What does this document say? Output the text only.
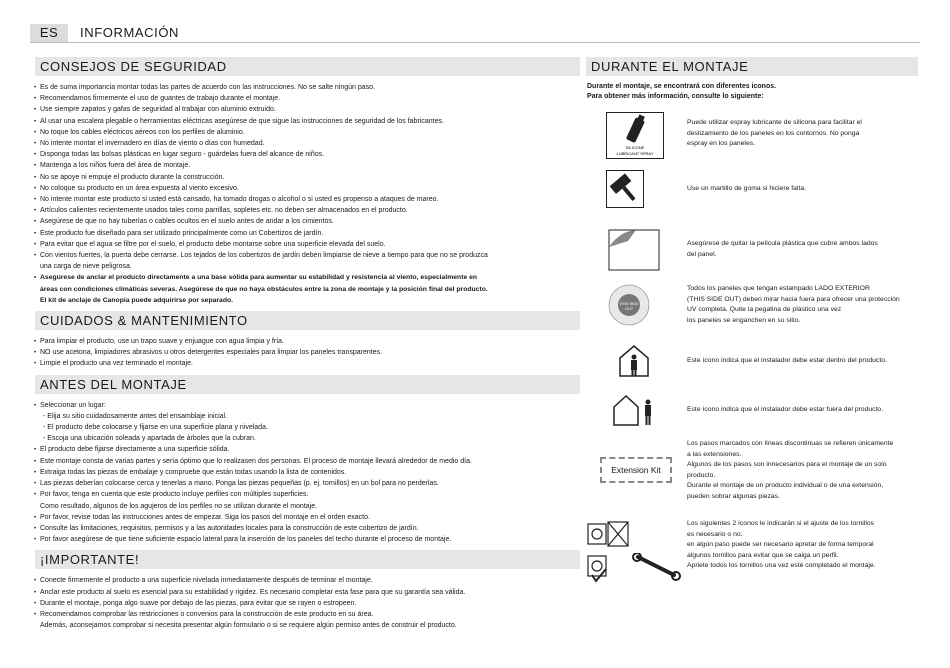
ES	INFORMACIÓN
CONSEJOS DE SEGURIDAD
• Es de suma importancia montar todas las partes de acuerdo con las instrucciones. No se salte ningún paso.
• Recomendamos firmemente el uso de guantes de trabajo durante el montaje.
• Use siempre zapatos y gafas de seguridad al trabajar con aluminio extruido.
• Al usar una escalera plegable o herramientas eléctricas asegúrese de que sigue las instrucciones de seguridad de los fabricantes.
• No toque los cables eléctricos aéreos con los perfiles de aluminio.
• No intente montar el invernadero en días de viento o días con humedad.
• Disponga todas las bolsas plásticas en lugar seguro - guárdelas fuera del alcance de niños.
• Mantenga a los niños fuera del área de montaje.
• No se apoye ni empuje el producto durante la construcción.
• No coloque su producto en un área expuesta al viento excesivo.
• No intente montar este producto si usted está cansado, ha tomado drogas o alcohol o si usted es propenso a ataques de mareo.
• Artículos calientes recientemente usados tales como parrillas, sopletes etc. no deben ser almacenados en el producto.
• Asegúrese de que no hay tuberías o cables ocultos en el suelo antes de andar a los cimientos.
• Este producto fue diseñado para ser utilizado principalmente como un Cobertizos de jardín.
• Para evitar que el agua se filtre por el suelo, el producto debe montarse sobre una superficie elevada del suelo.
• Con vientos fuertes, la puerta debe cerrarse. Los tejados de los cobertizos de jardín deben limpiarse de nieve a tiempo para que no se produzca
una carga de nieve peligrosa.
• Asegúrese de anclar el producto directamente a una base sólida para aumentar su estabilidad y resistencia al viento, especialmente en
áreas con condiciones climáticas severas. Asegúrese de que no haya obstáculos entre la zona de montaje y la posición final del producto.
El kit de anclaje de Canopia puede adquirirse por separado.
CUIDADOS & MANTENIMIENTO
• Para limpiar el producto, use un trapo suave y enjuague con agua limpia y fría.
• NO use acetona, limpiadores abrasivos u otros detergentes especiales para limpiar los paneles transparentes.
• Limpie el producto una vez terminado el montaje.
ANTES DEL MONTAJE
• Seleccionar un lugar:
- Elija su sitio cuidadosamente antes del ensamblaje inicial.
- El producto debe colocarse y fijarse en una superficie plana y nivelada.
- Escoja una ubicación soleada y apartada de árboles que la cubran.
• El producto debe fijarse directamente a una superficie sólida.
• Este montaje consta de varias partes y sería óptimo que lo realizasen dos personas. El proceso de montaje llevará alrededor de medio día.
• Extraiga todas las piezas de embalaje y compruebe que están todas usando la lista de contenidos.
• Las piezas deberían colocarse cerca y tenerlas a mano. Ponga las piezas pequeñas (p. ej. tornillos) en un bol para no perderlas.
• Por favor, tenga en cuenta que este producto incluye perfiles con múltiples superficies.
Como resultado, algunos de los agujeros de los perfiles no se utilizan durante el montaje.
• Por favor, revise todas las instrucciones antes de empezar. Siga los pasos del montaje en el orden exacto.
• Consulte las limitaciones, requisitos, permisos y a las autoridades locales para la construcción de este cobertizo de jardín.
• Por favor asegúrese de que tiene suficiente espacio lateral para la inserción de los paneles del techo durante el proceso de montaje.
¡IMPORTANTE!
• Conecte firmemente el producto a una superficie nivelada inmediatamente después de terminar el montaje.
• Anclar este producto al suelo es esencial para su estabilidad y rigidez. Es necesario completar esta fase para que su garantía sea válida.
• Durante el montaje, ponga algo suave por debajo de las piezas, para evitar que se rayen o estropeen.
• Recomendamos comprobar las restricciones o convenios para la construcción de este producto en su área.
Además, aconsejamos comprobar si necesita presentar algún formulario o si se requiere algún permiso antes de construir el producto.
DURANTE EL MONTAJE
Durante el montaje, se encontrará con diferentes iconos.
Para obtener más información, consulte lo siguiente:
SILICONE
LUBRICANT SPRAY
Puede utilizar espray lubricante de silicona para facilitar el
deslizamiento de los paneles en los contornos. No ponga
espray en los paneles.
Use un martillo de goma si hiciere falta.
Asegúrese de quitar la película plástica que cubre ambos lados
del panel.
THIS SIDE
OUT
Todos los paneles que tengan estampado LADO EXTERIOR
(THIS SIDE OUT) deben mirar hacia fuera para ofrecer una protección
UV completa. Quite la pegatina de plástico una vez
los paneles se enganchen en su sitio.
Este ícono indica que el instalador debe estar dentro del producto.
Este ícono indica que el instalador debe estar fuera del producto.
Extension Kit
Los pasos marcados con líneas discontinuas se refieren únicamente
a las extensiones.
Algunos de los pasos son innecesarios para el montaje de un solo
producto.
Durante el montaje de un producto individual o de una extensión,
pueden sobrar algunas piezas.
Los siguientes 2 íconos le indicarán si el ajuste de los tornillos
es necesario o no.
en algún paso puede ser necesario apretar de forma temporal
algunos tornillos para evitar que se caiga un perfil.
Apriete todos los tornillos una vez esté completado el montaje.
